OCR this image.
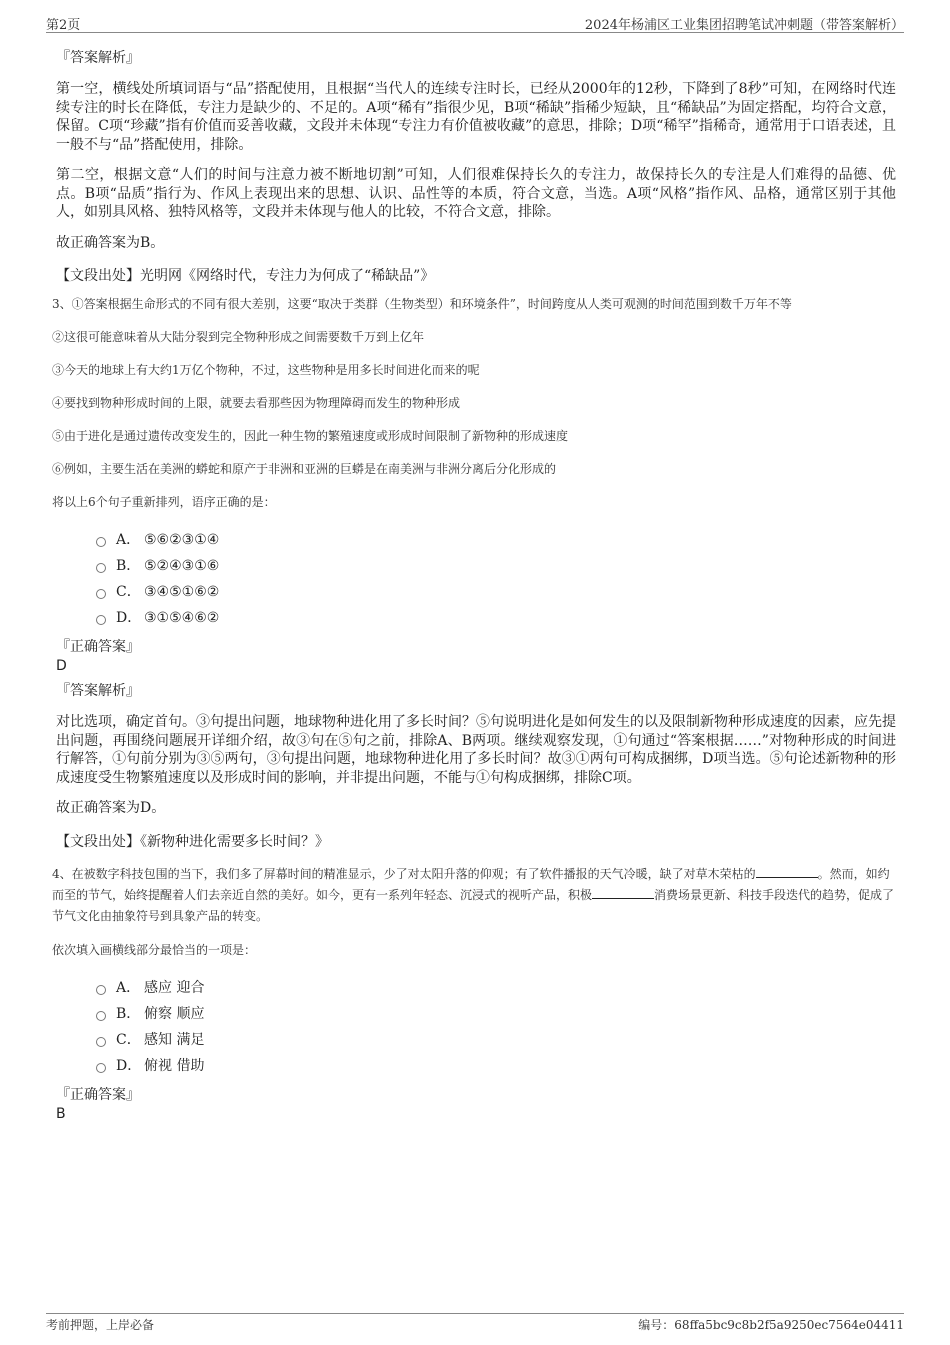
第2页	2024年杨浦区工业集团招聘笔试冲刺题（带答案解析）
『答案解析』

第一空，横线处所填词语与“品”搭配使用，且根据“当代人的连续专注时长，已经从2000年的12秒，下降到了8秒”可知，在网络时代连续专注的时长在降低，专注力是缺少的、不足的。A项“稀有”指很少见，B项“稀缺”指稀少短缺，且“稀缺品”为固定搭配，均符合文意，保留。C项“珍藏”指有价值而妥善收藏，文段并未体现“专注力有价值被收藏”的意思，排除；D项“稀罕”指稀奇，通常用于口语表述，且一般不与“品”搭配使用，排除。

第二空，根据文意“人们的时间与注意力被不断地切割”可知，人们很难保持长久的专注力，故保持长久的专注是人们难得的品德、优点。B项“品质”指行为、作风上表现出来的思想、认识、品性等的本质，符合文意，当选。A项“风格”指作风、品格，通常区别于其他人，如别具风格、独特风格等，文段并未体现与他人的比较，不符合文意，排除。

故正确答案为B。

【文段出处】光明网《网络时代，专注力为何成了“稀缺品”》

3、①答案根据生命形式的不同有很大差别，这要“取决于类群（生物类型）和环境条件”，时间跨度从人类可观测的时间范围到数千万年不等

②这很可能意味着从大陆分裂到完全物种形成之间需要数千万到上亿年

③今天的地球上有大约1万亿个物种，不过，这些物种是用多长时间进化而来的呢

④要找到物种形成时间的上限，就要去看那些因为物理障碍而发生的物种形成

⑤由于进化是通过遗传改变发生的，因此一种生物的繁殖速度或形成时间限制了新物种的形成速度

⑥例如，主要生活在美洲的蟒蛇和原产于非洲和亚洲的巨蟒是在南美洲与非洲分离后分化形成的

将以上6个句子重新排列，语序正确的是：

A． ⑤⑥②③①④
B． ⑤②④③①⑥
C． ③④⑤①⑥②
D． ③①⑤④⑥②
『正确答案』

D

『答案解析』

对比选项，确定首句。③句提出问题，地球物种进化用了多长时间？⑤句说明进化是如何发生的以及限制新物种形成速度的因素，应先提出问题，再围绕问题展开详细介绍，故③句在⑤句之前，排除A、B两项。继续观察发现，①句通过“答案根据……”对物种形成的时间进行解答，①句前分别为③⑤两句，③句提出问题，地球物种进化用了多长时间？故③①两句可构成捆绑，D项当选。⑤句论述新物种的形成速度受生物繁殖速度以及形成时间的影响，并非提出问题，不能与①句构成捆绑，排除C项。

故正确答案为D。

【文段出处】《新物种进化需要多长时间？》

4、在被数字科技包围的当下，我们多了屏幕时间的精准显示，少了对太阳升落的仰观；有了软件播报的天气冷暖，缺了对草木荣枯的	。然而，如约而至的节气，始终提醒着人们去亲近自然的美好。如今，更有一系列年轻态、沉浸式的视听产品，积极	消费场景更新、科技手段迭代的趋势，促成了节气文化由抽象符号到具象产品的转变。

依次填入画横线部分最恰当的一项是：

A． 感应 迎合
B． 俯察 顺应
C． 感知 满足
D． 俯视 借助
『正确答案』

B

考前押题，上岸必备	编号：68ffa5bc9c8b2f5a9250ec7564e04411
